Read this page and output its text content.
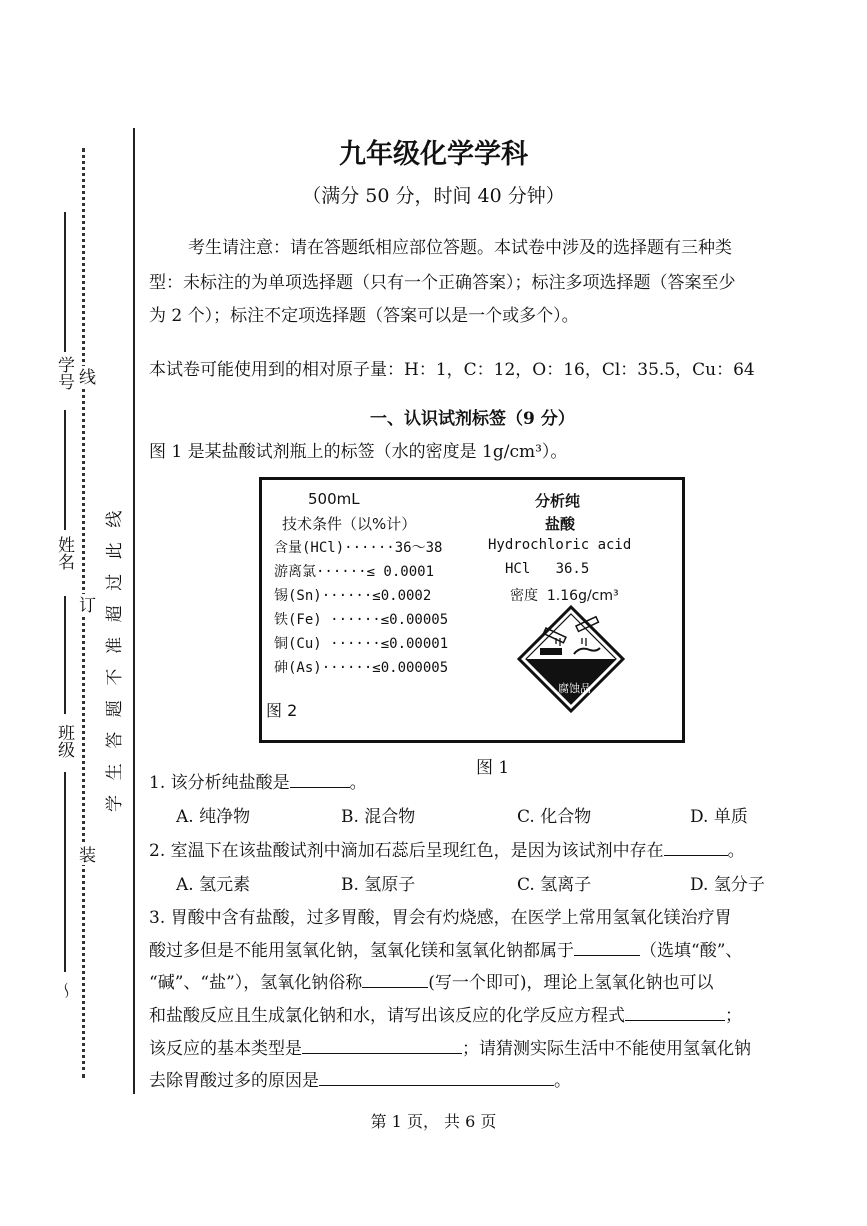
学号
姓名
班级
线
订
装
～
学生答题不准超过此线
九年级化学学科
（满分 50 分，时间 40 分钟）

考生请注意：请在答题纸相应部位答题。本试卷中涉及的选择题有三种类

型：未标注的为单项选择题（只有一个正确答案）；标注多项选择题（答案至少

为 2 个）；标注不定项选择题（答案可以是一个或多个）。

本试卷可能使用到的相对原子量：H：1，C：12，O：16，Cl：35.5，Cu：64

一、认识试剂标签（9 分）

图 1 是某盐酸试剂瓶上的标签（水的密度是 1g/cm³）。

500mL
技术条件（以%计）
含量(HCl)······36～38
游离氯······≤ 0.0001
锡(Sn)······≤0.0002
铁(Fe) ······≤0.00005
铜(Cu) ······≤0.00001
砷(As)······≤0.000005
分析纯
盐酸
Hydrochloric acid
HCl   36.5
密度  1.16g/cm³
腐蚀品
图 2

图 1

1. 该分析纯盐酸是	。

A. 纯净物	B. 混合物	C. 化合物	D. 单质

2. 室温下在该盐酸试剂中滴加石蕊后呈现红色，是因为该试剂中存在	。

A. 氢元素	B. 氢原子	C. 氢离子	D. 氢分子

3. 胃酸中含有盐酸，过多胃酸，胃会有灼烧感，在医学上常用氢氧化镁治疗胃

酸过多但是不能用氢氧化钠，氢氧化镁和氢氧化钠都属于	（选填“酸”、

“碱”、“盐”），氢氧化钠俗称	(写一个即可)，理论上氢氧化钠也可以

和盐酸反应且生成氯化钠和水，请写出该反应的化学反应方程式	；

该反应的基本类型是	；请猜测实际生活中不能使用氢氧化钠

去除胃酸过多的原因是	。

第 1 页， 共 6 页
